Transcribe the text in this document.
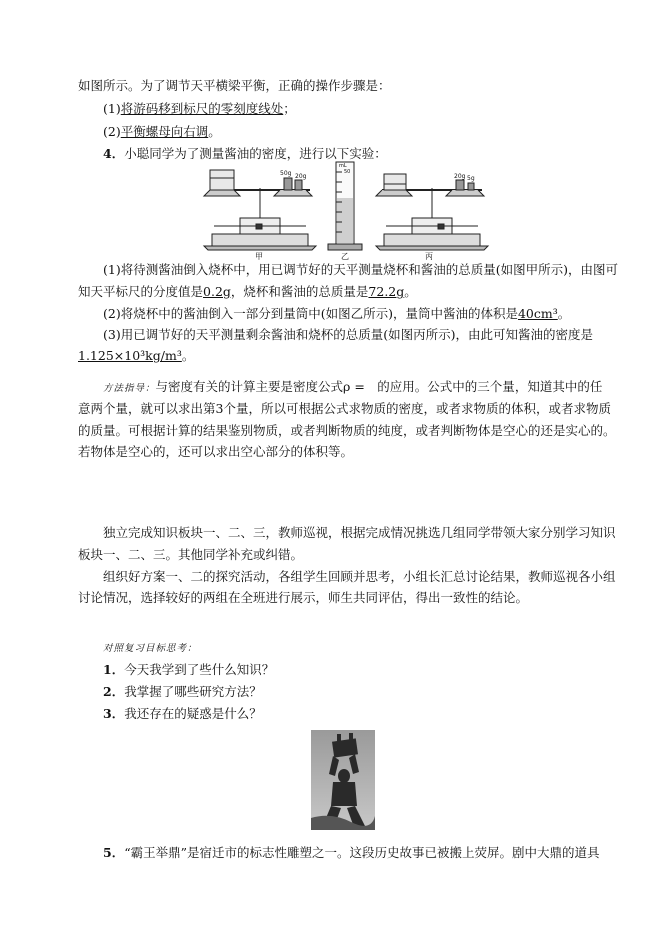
如图所示。为了调节天平横梁平衡，正确的操作步骤是：
(1)将游码移到标尺的零刻度线处；
(2)平衡螺母向右调。
4．小聪同学为了测量酱油的密度，进行以下实验：
50g 20g
甲
mL
50
乙
20g 5g
丙
(1)将待测酱油倒入烧杯中，用已调节好的天平测量烧杯和酱油的总质量(如图甲所示)，由图可
知天平标尺的分度值是0.2g，烧杯和酱油的总质量是72.2g。
(2)将烧杯中的酱油倒入一部分到量筒中(如图乙所示)，量筒中酱油的体积是40cm³。
(3)用已调节好的天平测量剩余酱油和烧杯的总质量(如图丙所示)，由此可知酱油的密度是
1.125×10³kg/m³。
方法指导：与密度有关的计算主要是密度公式ρ =　的应用。公式中的三个量，知道其中的任
意两个量，就可以求出第3个量，所以可根据公式求物质的密度，或者求物质的体积，或者求物质
的质量。可根据计算的结果鉴别物质，或者判断物质的纯度，或者判断物体是空心的还是实心的。
若物体是空心的，还可以求出空心部分的体积等。
独立完成知识板块一、二、三，教师巡视，根据完成情况挑选几组同学带领大家分别学习知识
板块一、二、三。其他同学补充或纠错。
组织好方案一、二的探究活动，各组学生回顾并思考，小组长汇总讨论结果，教师巡视各小组
讨论情况，选择较好的两组在全班进行展示，师生共同评估，得出一致性的结论。
对照复习目标思考：
1．今天我学到了些什么知识？
2．我掌握了哪些研究方法？
3．我还存在的疑惑是什么？
5．“霸王举鼎”是宿迁市的标志性雕塑之一。这段历史故事已被搬上荧屏。剧中大鼎的道具
